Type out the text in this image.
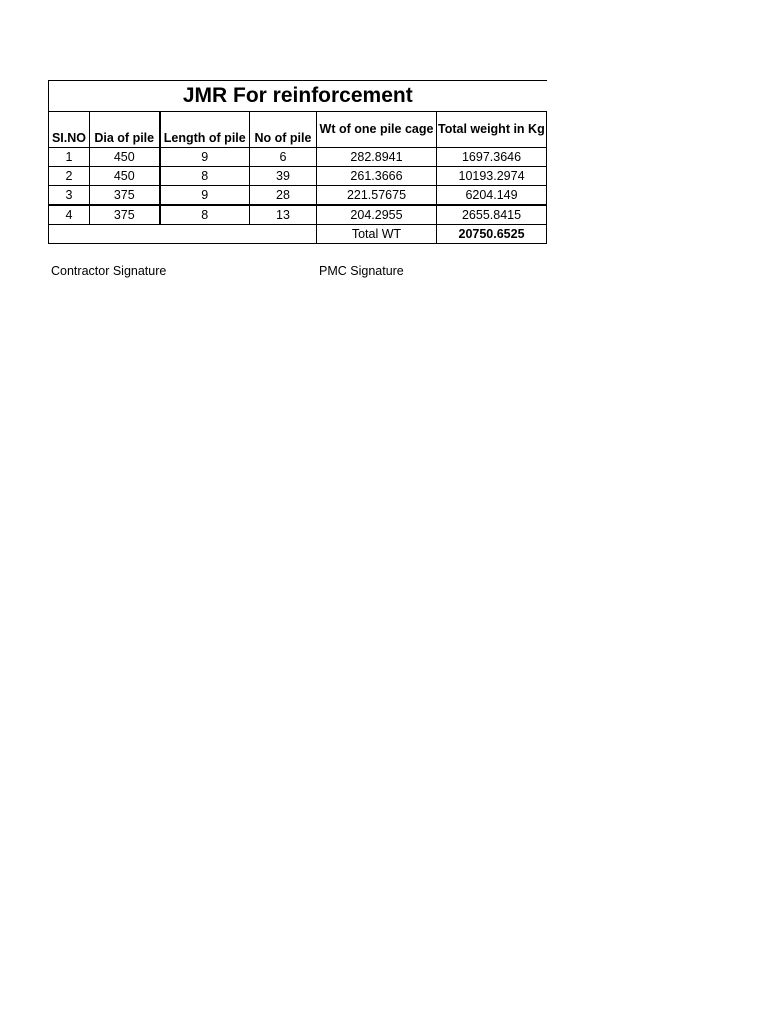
JMR For reinforcement					
SI.NO	Dia of pile	Length of pile	No of pile	Wt of one pile cage	Total weight in Kg
1	450	9	6	282.8941	1697.3646
2	450	8	39	261.3666	10193.2974
3	375	9	28	221.57675	6204.149
4	375	8	13	204.2955	2655.8415
				Total WT	20750.6525
Contractor Signature	PMC Signature
